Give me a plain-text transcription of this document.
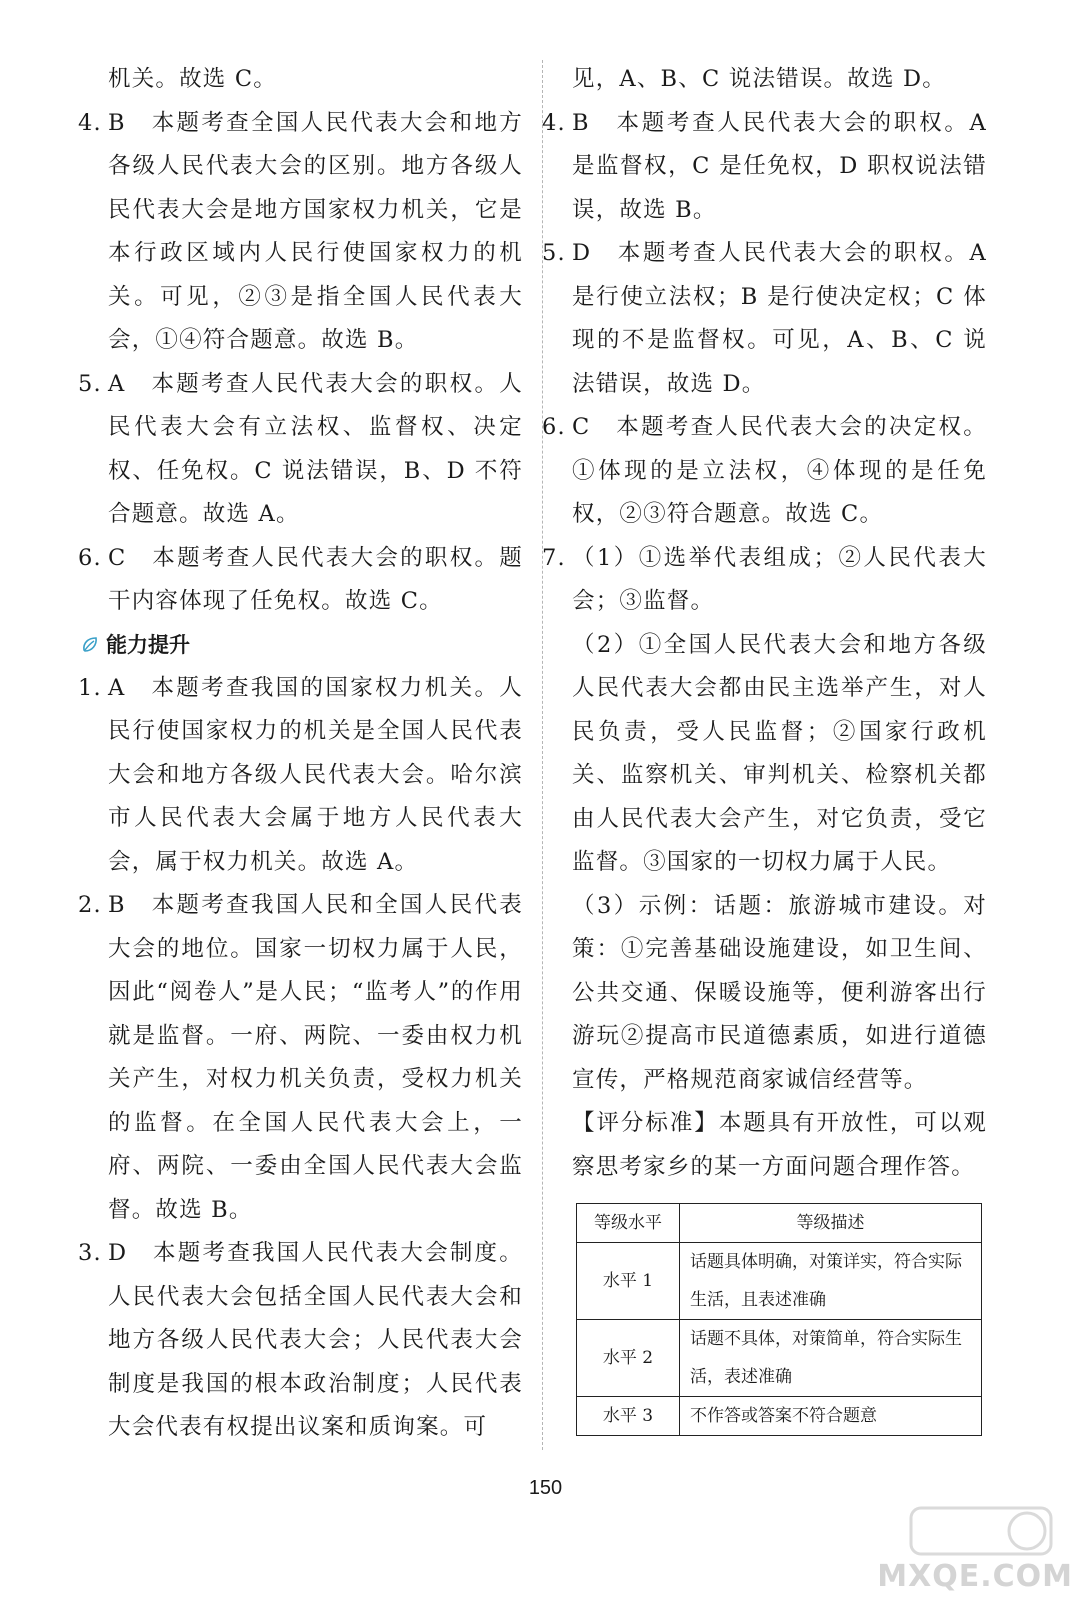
机关。故选 C。

4. B　本题考查全国人民代表大会和地方各级人民代表大会的区别。地方各级人民代表大会是地方国家权力机关，它是本行政区域内人民行使国家权力的机关。可见，②③是指全国人民代表大会，①④符合题意。故选 B。

5. A　本题考查人民代表大会的职权。人民代表大会有立法权、监督权、决定权、任免权。C 说法错误，B、D 不符合题意。故选 A。

6. C　本题考查人民代表大会的职权。题干内容体现了任免权。故选 C。

能力提升
1. A　本题考查我国的国家权力机关。人民行使国家权力的机关是全国人民代表大会和地方各级人民代表大会。哈尔滨市人民代表大会属于地方人民代表大会，属于权力机关。故选 A。

2. B　本题考查我国人民和全国人民代表大会的地位。国家一切权力属于人民，因此“阅卷人”是人民；“监考人”的作用就是监督。一府、两院、一委由权力机关产生，对权力机关负责，受权力机关的监督。在全国人民代表大会上，一府、两院、一委由全国人民代表大会监督。故选 B。

3. D　本题考查我国人民代表大会制度。人民代表大会包括全国人民代表大会和地方各级人民代表大会；人民代表大会制度是我国的根本政治制度；人民代表大会代表有权提出议案和质询案。可

见，A、B、C 说法错误。故选 D。

4. B　本题考查人民代表大会的职权。A 是监督权，C 是任免权，D 职权说法错误，故选 B。

5. D　本题考查人民代表大会的职权。A 是行使立法权；B 是行使决定权；C 体现的不是监督权。可见，A、B、C 说法错误，故选 D。

6. C　本题考查人民代表大会的决定权。①体现的是立法权，④体现的是任免权，②③符合题意。故选 C。

7. （1）①选举代表组成；②人民代表大会；③监督。

（2）①全国人民代表大会和地方各级人民代表大会都由民主选举产生，对人民负责，受人民监督；②国家行政机关、监察机关、审判机关、检察机关都由人民代表大会产生，对它负责，受它监督。③国家的一切权力属于人民。

（3）示例：话题：旅游城市建设。对策：①完善基础设施建设，如卫生间、公共交通、保暖设施等，便利游客出行游玩②提高市民道德素质，如进行道德宣传，严格规范商家诚信经营等。

【评分标准】本题具有开放性，可以观察思考家乡的某一方面问题合理作答。

等级水平	等级描述
水平 1	话题具体明确，对策详实，符合实际生活，且表述准确
水平 2	话题不具体，对策简单，符合实际生活，表述准确
水平 3	不作答或答案不符合题意
150
MXQE.COM
